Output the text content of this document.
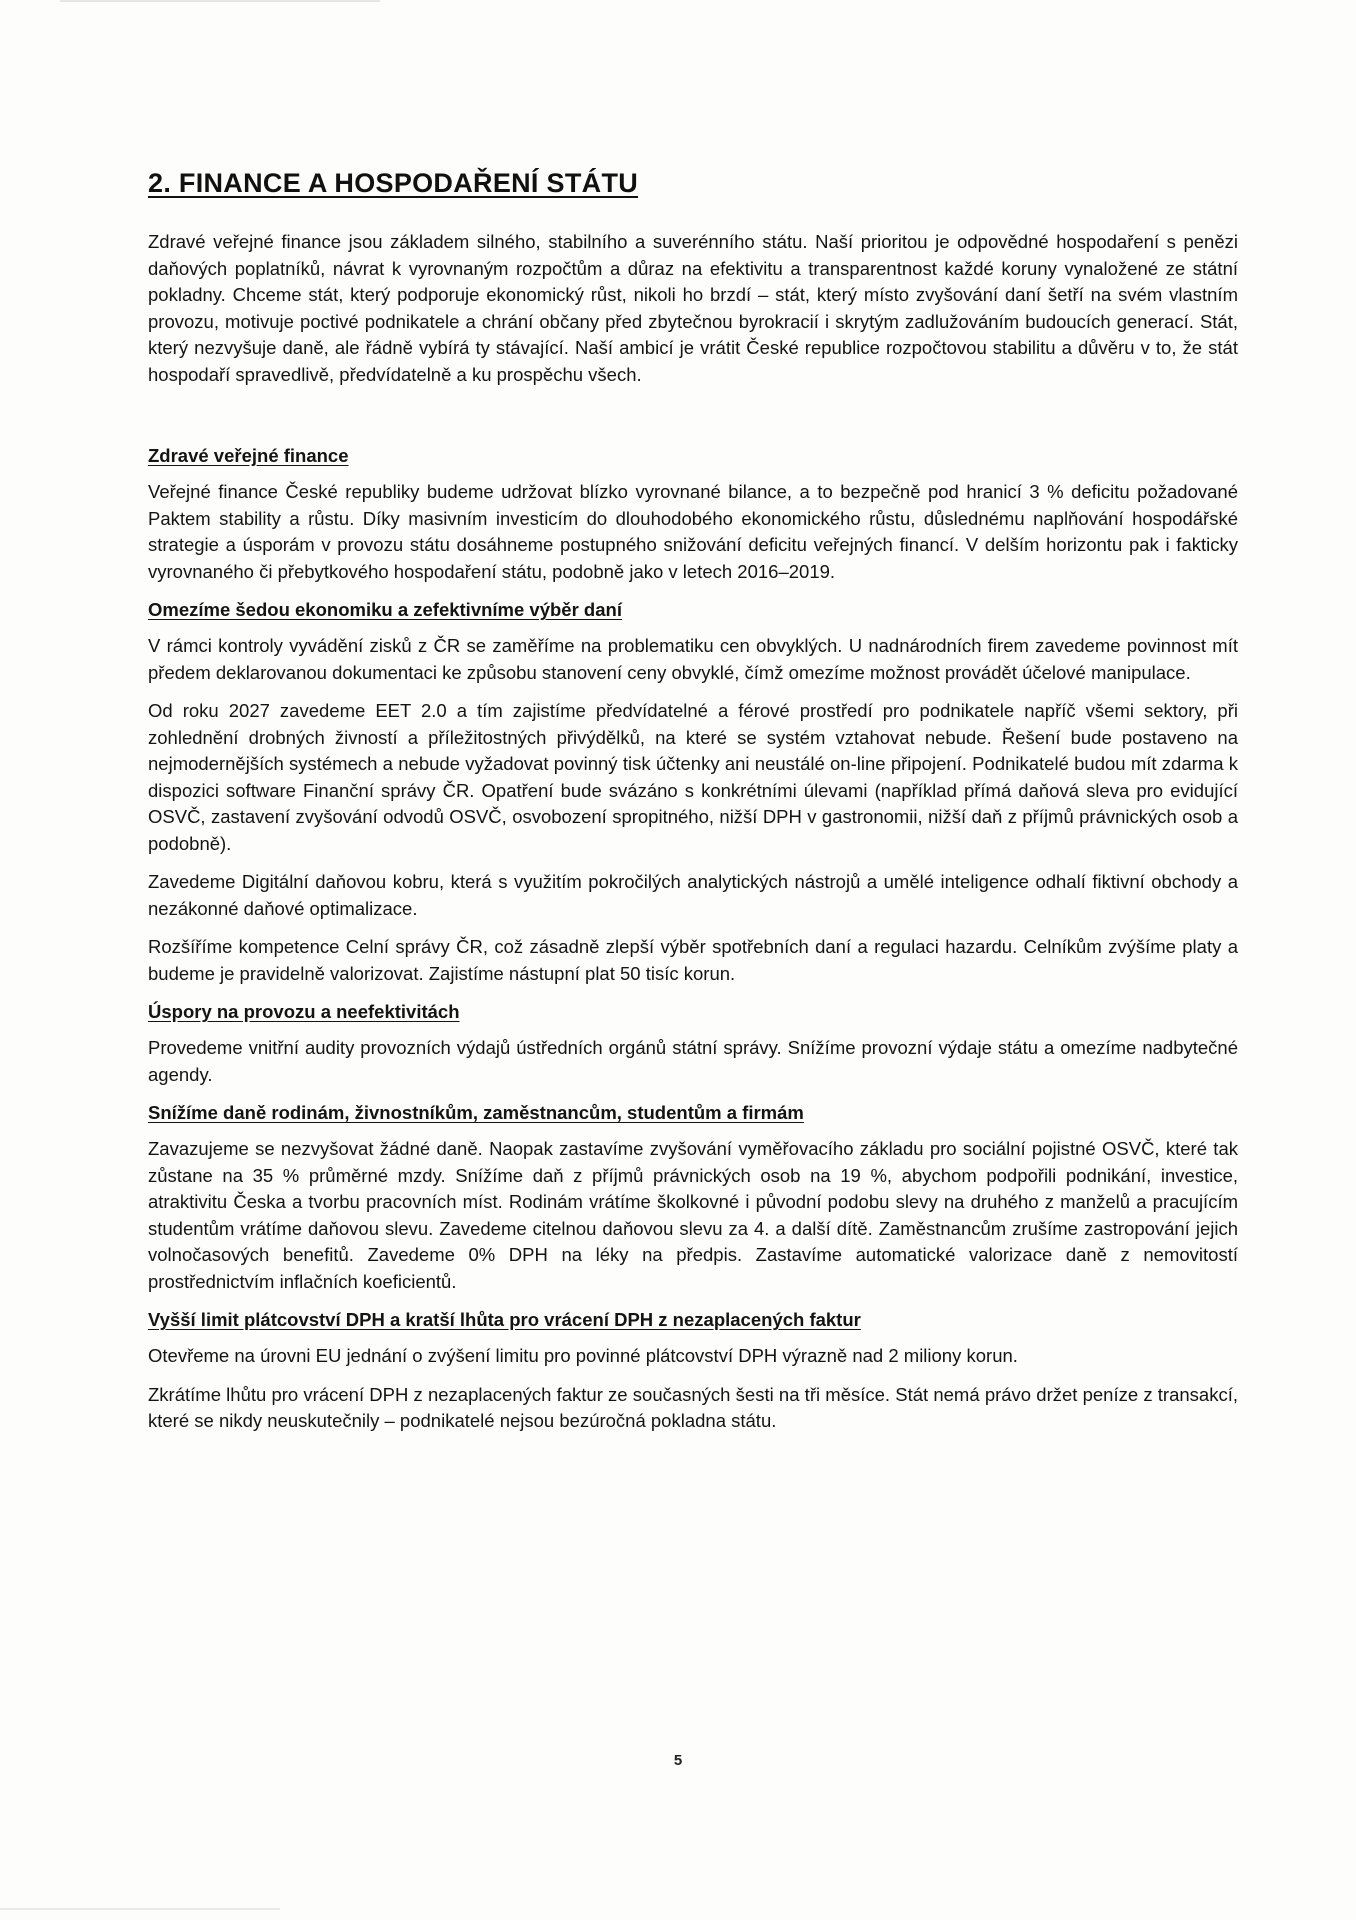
2. FINANCE A HOSPODAŘENÍ STÁTU

Zdravé veřejné finance jsou základem silného, stabilního a suverénního státu. Naší prioritou je odpovědné hospodaření s penězi daňových poplatníků, návrat k vyrovnaným rozpočtům a důraz na efektivitu a transparentnost každé koruny vynaložené ze státní pokladny. Chceme stát, který podporuje ekonomický růst, nikoli ho brzdí – stát, který místo zvyšování daní šetří na svém vlastním provozu, motivuje poctivé podnikatele a chrání občany před zbytečnou byrokracií i skrytým zadlužováním budoucích generací. Stát, který nezvyšuje daně, ale řádně vybírá ty stávající. Naší ambicí je vrátit České republice rozpočtovou stabilitu a důvěru v to, že stát hospodaří spravedlivě, předvídatelně a ku prospěchu všech.

Zdravé veřejné finance

Veřejné finance České republiky budeme udržovat blízko vyrovnané bilance, a to bezpečně pod hranicí 3 % deficitu požadované Paktem stability a růstu. Díky masivním investicím do dlouhodobého ekonomického růstu, důslednému naplňování hospodářské strategie a úsporám v provozu státu dosáhneme postupného snižování deficitu veřejných financí. V delším horizontu pak i fakticky vyrovnaného či přebytkového hospodaření státu, podobně jako v letech 2016–2019.

Omezíme šedou ekonomiku a zefektivníme výběr daní

V rámci kontroly vyvádění zisků z ČR se zaměříme na problematiku cen obvyklých. U nadnárodních firem zavedeme povinnost mít předem deklarovanou dokumentaci ke způsobu stanovení ceny obvyklé, čímž omezíme možnost provádět účelové manipulace.

Od roku 2027 zavedeme EET 2.0 a tím zajistíme předvídatelné a férové prostředí pro podnikatele napříč všemi sektory, při zohlednění drobných živností a příležitostných přivýdělků, na které se systém vztahovat nebude. Řešení bude postaveno na nejmodernějších systémech a nebude vyžadovat povinný tisk účtenky ani neustálé on-line připojení. Podnikatelé budou mít zdarma k dispozici software Finanční správy ČR. Opatření bude svázáno s konkrétními úlevami (například přímá daňová sleva pro evidující OSVČ, zastavení zvyšování odvodů OSVČ, osvobození spropitného, nižší DPH v gastronomii, nižší daň z příjmů právnických osob a podobně).

Zavedeme Digitální daňovou kobru, která s využitím pokročilých analytických nástrojů a umělé inteligence odhalí fiktivní obchody a nezákonné daňové optimalizace.

Rozšíříme kompetence Celní správy ČR, což zásadně zlepší výběr spotřebních daní a regulaci hazardu. Celníkům zvýšíme platy a budeme je pravidelně valorizovat. Zajistíme nástupní plat 50 tisíc korun.

Úspory na provozu a neefektivitách

Provedeme vnitřní audity provozních výdajů ústředních orgánů státní správy. Snížíme provozní výdaje státu a omezíme nadbytečné agendy.

Snížíme daně rodinám, živnostníkům, zaměstnancům, studentům a firmám

Zavazujeme se nezvyšovat žádné daně. Naopak zastavíme zvyšování vyměřovacího základu pro sociální pojistné OSVČ, které tak zůstane na 35 % průměrné mzdy. Snížíme daň z příjmů právnických osob na 19 %, abychom podpořili podnikání, investice, atraktivitu Česka a tvorbu pracovních míst. Rodinám vrátíme školkovné i původní podobu slevy na druhého z manželů a pracujícím studentům vrátíme daňovou slevu. Zavedeme citelnou daňovou slevu za 4. a další dítě. Zaměstnancům zrušíme zastropování jejich volnočasových benefitů. Zavedeme 0% DPH na léky na předpis. Zastavíme automatické valorizace daně z nemovitostí prostřednictvím inflačních koeficientů.

Vyšší limit plátcovství DPH a kratší lhůta pro vrácení DPH z nezaplacených faktur

Otevřeme na úrovni EU jednání o zvýšení limitu pro povinné plátcovství DPH výrazně nad 2 miliony korun.

Zkrátíme lhůtu pro vrácení DPH z nezaplacených faktur ze současných šesti na tři měsíce. Stát nemá právo držet peníze z transakcí, které se nikdy neuskutečnily – podnikatelé nejsou bezúročná pokladna státu.

5
